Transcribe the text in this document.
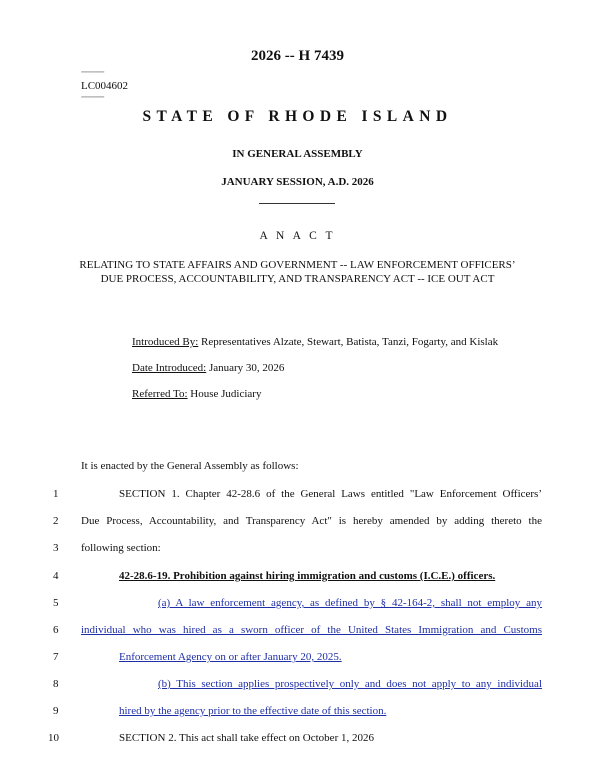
2026 -- H 7439
========
LC004602
========
STATE OF RHODE ISLAND
IN GENERAL ASSEMBLY
JANUARY SESSION, A.D. 2026
A N A C T
RELATING TO STATE AFFAIRS AND GOVERNMENT -- LAW ENFORCEMENT OFFICERS’ DUE PROCESS, ACCOUNTABILITY, AND TRANSPARENCY ACT -- ICE OUT ACT
Introduced By: Representatives Alzate, Stewart, Batista, Tanzi, Fogarty, and Kislak
Date Introduced: January 30, 2026
Referred To: House Judiciary
It is enacted by the General Assembly as follows:
1
2
3
4
5
6
7
8
9
10
SECTION 1. Chapter 42-28.6 of the General Laws entitled "Law Enforcement Officers’
Due Process, Accountability, and Transparency Act" is hereby amended by adding thereto the
following section:
42-28.6-19. Prohibition against hiring immigration and customs (I.C.E.) officers.
(a) A law enforcement agency, as defined by § 42-164-2, shall not employ any
individual who was hired as a sworn officer of the United States Immigration and Customs
Enforcement Agency on or after January 20, 2025.
(b) This section applies prospectively only and does not apply to any individual
hired by the agency prior to the effective date of this section.
SECTION 2. This act shall take effect on October 1, 2026
